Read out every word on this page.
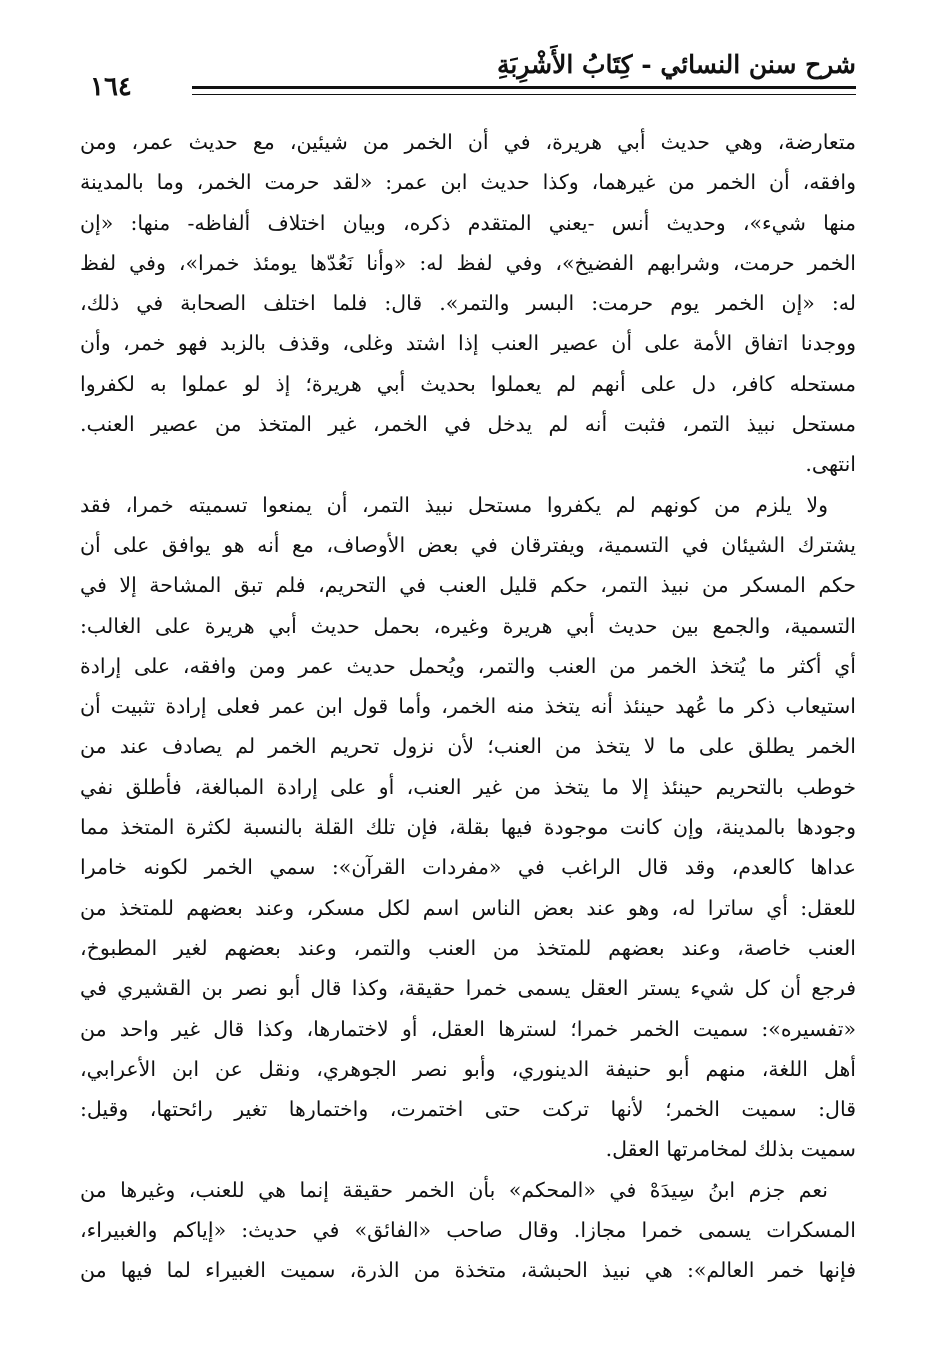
شرح سنن النسائي - كِتَابُ الأَشْرِبَةِ
١٦٤
متعارضة، وهي حديث أبي هريرة، في أن الخمر من شيئين، مع حديث عمر، ومن
وافقه، أن الخمر من غيرهما، وكذا حديث ابن عمر: «لقد حرمت الخمر، وما بالمدينة
منها شيء»، وحديث أنس -يعني المتقدم ذكره، وبيان اختلاف ألفاظه- منها: «إن
الخمر حرمت، وشرابهم الفضيخ»، وفي لفظ له: «وأنا نَعُدّها يومئذ خمرا»، وفي لفظ
له: «إن الخمر يوم حرمت: البسر والتمر». قال: فلما اختلف الصحابة في ذلك،
ووجدنا اتفاق الأمة على أن عصير العنب إذا اشتد وغلى، وقذف بالزبد فهو خمر، وأن
مستحله كافر، دل على أنهم لم يعملوا بحديث أبي هريرة؛ إذ لو عملوا به لكفروا
مستحل نبيذ التمر، فثبت أنه لم يدخل في الخمر، غير المتخذ من عصير العنب.
انتهى.
ولا يلزم من كونهم لم يكفروا مستحل نبيذ التمر، أن يمنعوا تسميته خمرا، فقد
يشترك الشيئان في التسمية، ويفترقان في بعض الأوصاف، مع أنه هو يوافق على أن
حكم المسكر من نبيذ التمر، حكم قليل العنب في التحريم، فلم تبق المشاحة إلا في
التسمية، والجمع بين حديث أبي هريرة وغيره، بحمل حديث أبي هريرة على الغالب:
أي أكثر ما يُتخذ الخمر من العنب والتمر، ويُحمل حديث عمر ومن وافقه، على إرادة
استيعاب ذكر ما عُهد حينئذ أنه يتخذ منه الخمر، وأما قول ابن عمر فعلى إرادة تثبيت أن
الخمر يطلق على ما لا يتخذ من العنب؛ لأن نزول تحريم الخمر لم يصادف عند من
خوطب بالتحريم حينئذ إلا ما يتخذ من غير العنب، أو على إرادة المبالغة، فأطلق نفي
وجودها بالمدينة، وإن كانت موجودة فيها بقلة، فإن تلك القلة بالنسبة لكثرة المتخذ مما
عداها كالعدم، وقد قال الراغب في «مفردات القرآن»: سمي الخمر لكونه خامرا
للعقل: أي ساترا له، وهو عند بعض الناس اسم لكل مسكر، وعند بعضهم للمتخذ من
العنب خاصة، وعند بعضهم للمتخذ من العنب والتمر، وعند بعضهم لغير المطبوخ،
فرجع أن كل شيء يستر العقل يسمى خمرا حقيقة، وكذا قال أبو نصر بن القشيري في
«تفسيره»: سميت الخمر خمرا؛ لسترها العقل، أو لاختمارها، وكذا قال غير واحد من
أهل اللغة، منهم أبو حنيفة الدينوري، وأبو نصر الجوهري، ونقل عن ابن الأعرابي،
قال: سميت الخمر؛ لأنها تركت حتى اختمرت، واختمارها تغير رائحتها، وقيل:
سميت بذلك لمخامرتها العقل.
نعم جزم ابنُ سِيدَهْ في «المحكم» بأن الخمر حقيقة إنما هي للعنب، وغيرها من
المسكرات يسمى خمرا مجازا. وقال صاحب «الفائق» في حديث: «إياكم والغبيراء،
فإنها خمر العالم»: هي نبيذ الحبشة، متخذة من الذرة، سميت الغبيراء لما فيها من
